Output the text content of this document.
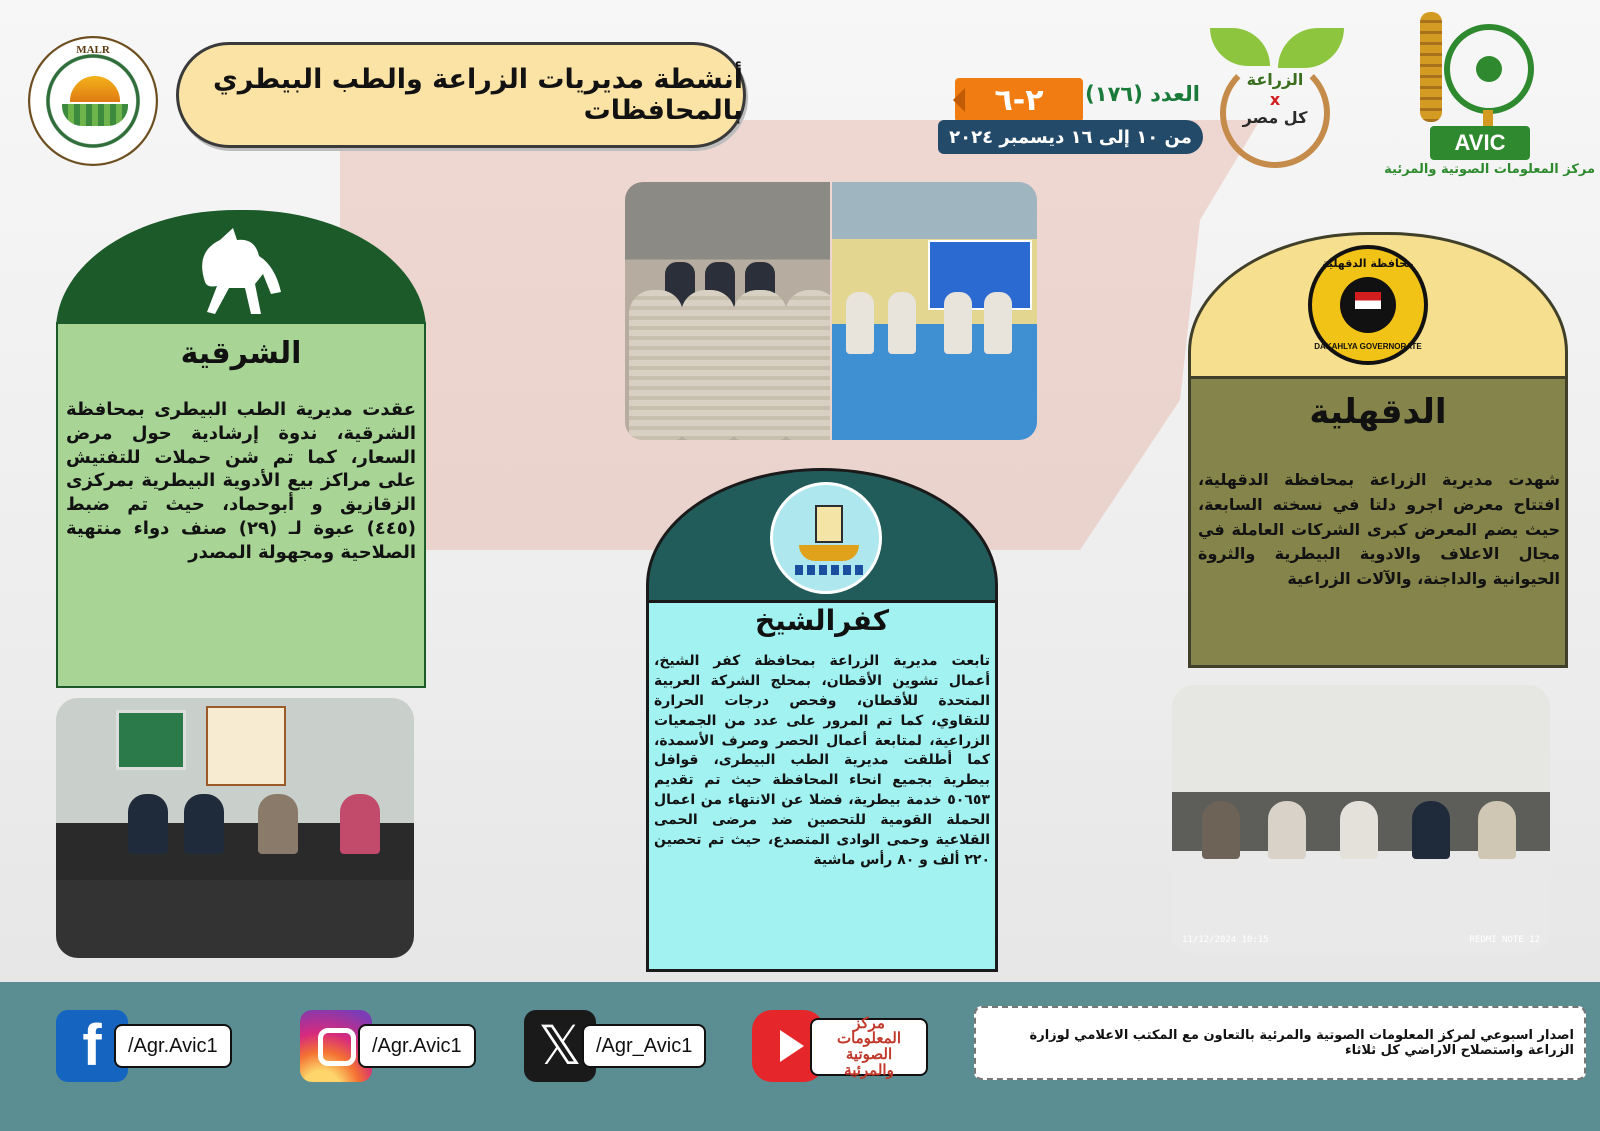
MALR
أنشطة مديريات الزراعة والطب البيطري بالمحافظات	٢-٦	العدد (١٧٦)
من ١٠ إلى ١٦ ديسمبر ٢٠٢٤
الزراعة
x
كل مصر
AVIC
مركز المعلومات الصوتية والمرئية
الشرقية
عقدت مديرية الطب البيطرى بمحافظة الشرقية، ندوة إرشادية حول مرض السعار، كما تم شن حملات للتفتيش على مراكز بيع الأدوية البيطرية بمركزى الزقازيق و أبوحماد، حيث تم ضبط (٤٤٥) عبوة لـ (٢٩) صنف دواء منتهية الصلاحية ومجهولة المصدر
محافظة الدقهلية
DAKAHLYA GOVERNORATE
الدقهلية
شهدت مديرية الزراعة بمحافظة الدقهلية، افتتاح معرض اجرو دلتا في نسخته السابعة، حيث يضم المعرض كبرى الشركات العاملة في مجال الاعلاف والادوية البيطرية والثروة الحيوانية والداجنة، والآلات الزراعية
كفرالشيخ
تابعت مديرية الزراعة بمحافظة كفر الشيخ، أعمال تشوين الأقطان، بمحلج الشركة العربية المتحدة للأقطان، وفحص درجات الحرارة للتقاوي، كما تم المرور على عدد من الجمعيات الزراعية، لمتابعة أعمال الحصر وصرف الأسمدة، كما أطلقت مديرية الطب البيطرى، قوافل بيطرية بجميع انحاء المحافظة حيث تم تقديم ٥٠٦٥٣ خدمة بيطرية، فضلا عن الانتهاء من اعمال الحملة القومية للتحصين ضد مرضى الحمى القلاعية وحمى الوادى المتصدع، حيث تم تحصين ٢٢٠ ألف و ٨٠ رأس ماشية
11/12/2024 10:15	REDMI NOTE 12
f	/Agr.Avic1	/Agr.Avic1 𝕏 /Agr_Avic1
مركز المعلومات الصوتية والمرئية
اصدار اسبوعي لمركز المعلومات الصوتية والمرئية بالتعاون مع المكتب الاعلامي لوزارة الزراعة واستصلاح الاراضي كل ثلاثاء
